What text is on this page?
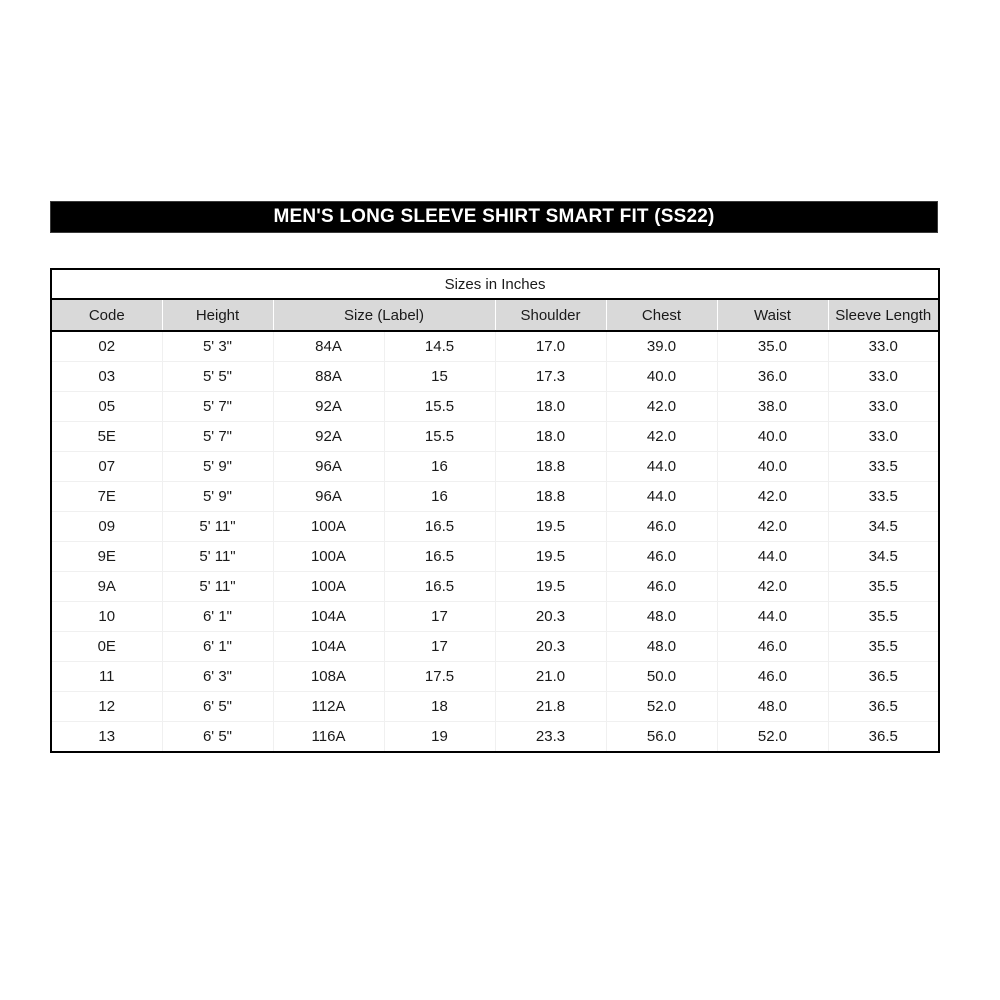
MEN'S LONG SLEEVE SHIRT SMART FIT (SS22)
Sizes in Inches							
Code	Height	Size (Label)		Shoulder	Chest	Waist	Sleeve Length
02	5' 3"	84A	14.5	17.0	39.0	35.0	33.0
03	5' 5"	88A	15	17.3	40.0	36.0	33.0
05	5' 7"	92A	15.5	18.0	42.0	38.0	33.0
5E	5' 7"	92A	15.5	18.0	42.0	40.0	33.0
07	5' 9"	96A	16	18.8	44.0	40.0	33.5
7E	5' 9"	96A	16	18.8	44.0	42.0	33.5
09	5' 11"	100A	16.5	19.5	46.0	42.0	34.5
9E	5' 11"	100A	16.5	19.5	46.0	44.0	34.5
9A	5' 11"	100A	16.5	19.5	46.0	42.0	35.5
10	6' 1"	104A	17	20.3	48.0	44.0	35.5
0E	6' 1"	104A	17	20.3	48.0	46.0	35.5
11	6' 3"	108A	17.5	21.0	50.0	46.0	36.5
12	6' 5"	112A	18	21.8	52.0	48.0	36.5
13	6' 5"	116A	19	23.3	56.0	52.0	36.5
